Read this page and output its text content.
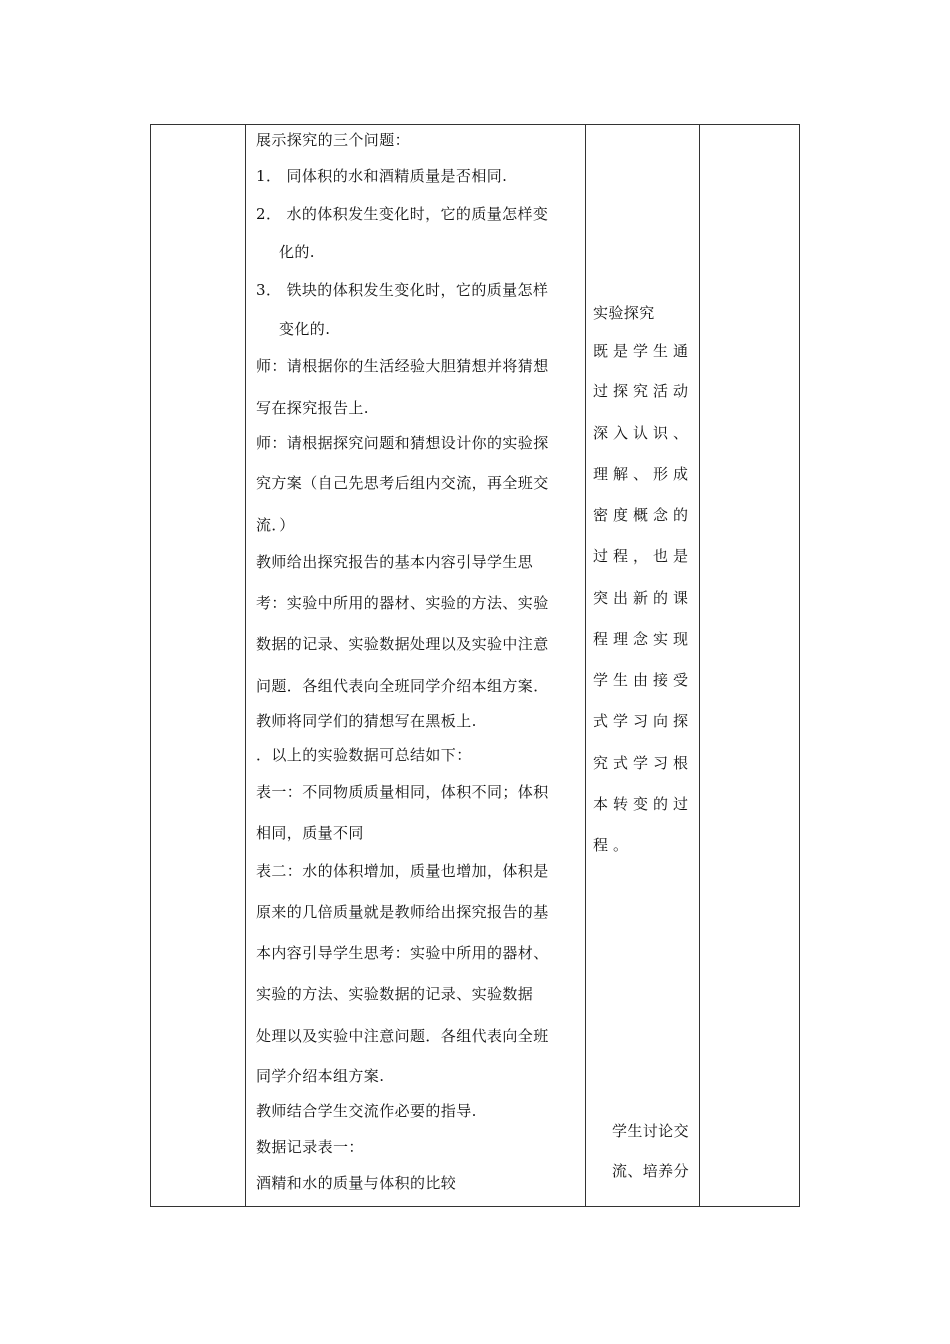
展示探究的三个问题：
1． 同体积的水和酒精质量是否相同.
2． 水的体积发生变化时，它的质量怎样变
化的.
3． 铁块的体积发生变化时，它的质量怎样
变化的.
师：请根据你的生活经验大胆猜想并将猜想
写在探究报告上.
师：请根据探究问题和猜想设计你的实验探
究方案（自己先思考后组内交流，再全班交
流．）
教师给出探究报告的基本内容引导学生思
考：实验中所用的器材、实验的方法、实验
数据的记录、实验数据处理以及实验中注意
问题．各组代表向全班同学介绍本组方案．
教师将同学们的猜想写在黑板上.
．以上的实验数据可总结如下：
表一：不同物质质量相同，体积不同；体积
相同，质量不同
表二：水的体积增加，质量也增加，体积是
原来的几倍质量就是教师给出探究报告的基
本内容引导学生思考：实验中所用的器材、
实验的方法、实验数据的记录、实验数据
处理以及实验中注意问题．各组代表向全班
同学介绍本组方案.
教师结合学生交流作必要的指导.
数据记录表一：
酒精和水的质量与体积的比较
实验探究
既是学生通
过探究活动
深入认识、
理解、形成
密度概念的
过程，也是
突出新的课
程理念实现
学生由接受
式学习向探
究式学习根
本转变的过
程。
学生讨论交
流、培养分
